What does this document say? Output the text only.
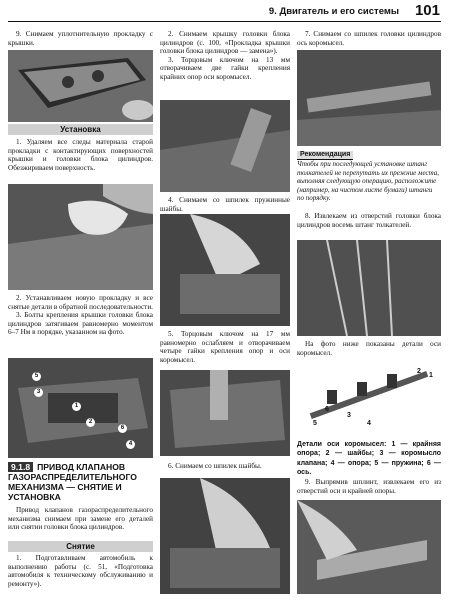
9. Двигатель и его системы 101

9. Снимаем уплотнительную прокладку с крышки.

Установка

1. Удаляем все следы материала старой прокладки с контактирующих поверхностей крышки и головки блока цилиндров. Обезжириваем поверхность.

2. Устанавливаем новую прокладку и все снятые детали в обратной последовательности.

3. Болты крепления крышки головки блока цилиндров затягиваем равномерно моментом 6–7 Нм в порядке, указанном на фото.

5
3
1
2
6
4
9.1.8 ПРИВОД КЛАПАНОВ ГАЗОРАСПРЕДЕЛИТЕЛЬНОГО МЕХАНИЗМА — СНЯТИЕ И УСТАНОВКА

Привод клапанов газораспределительного механизма снимаем при замене его деталей или снятии головки блока цилиндров.

Снятие

1. Подготавливаем автомобиль к выполнению работы (с. 51, «Подготовка автомобиля к техническому обслуживанию и ремонту»).

2. Снимаем крышку головки блока цилиндров (с. 100, «Прокладка крышки головки блока цилиндров — замена»).

3. Торцовым ключом на 13 мм отворачиваем две гайки крепления крайних опор оси коромысел.

4. Снимаем со шпилек пружинные шайбы.

5. Торцовым ключом на 17 мм равномерно ослабляем и отворачиваем четыре гайки крепления опор и оси коромысел.

6. Снимаем со шпилек шайбы.

7. Снимаем со шпилек головки цилиндров ось коромысел.

Рекомендация
Чтобы при последующей установке штанг толкателей не перепутать их прежние места, выполняя следующую операцию, расположите (например, на чистом листе бумаги) штанги по порядку.

8. Извлекаем из отверстий головки блока цилиндров восемь штанг толкателей.

На фото ниже показаны детали оси коромысел.

5
6
3
2
1
4
Детали оси коромысел: 1 — крайняя опора; 2 — шайбы; 3 — коромысло клапана; 4 — опора; 5 — пружина; 6 — ось.

9. Выпрямив шплинт, извлекаем его из отверстий оси и крайней опоры.
